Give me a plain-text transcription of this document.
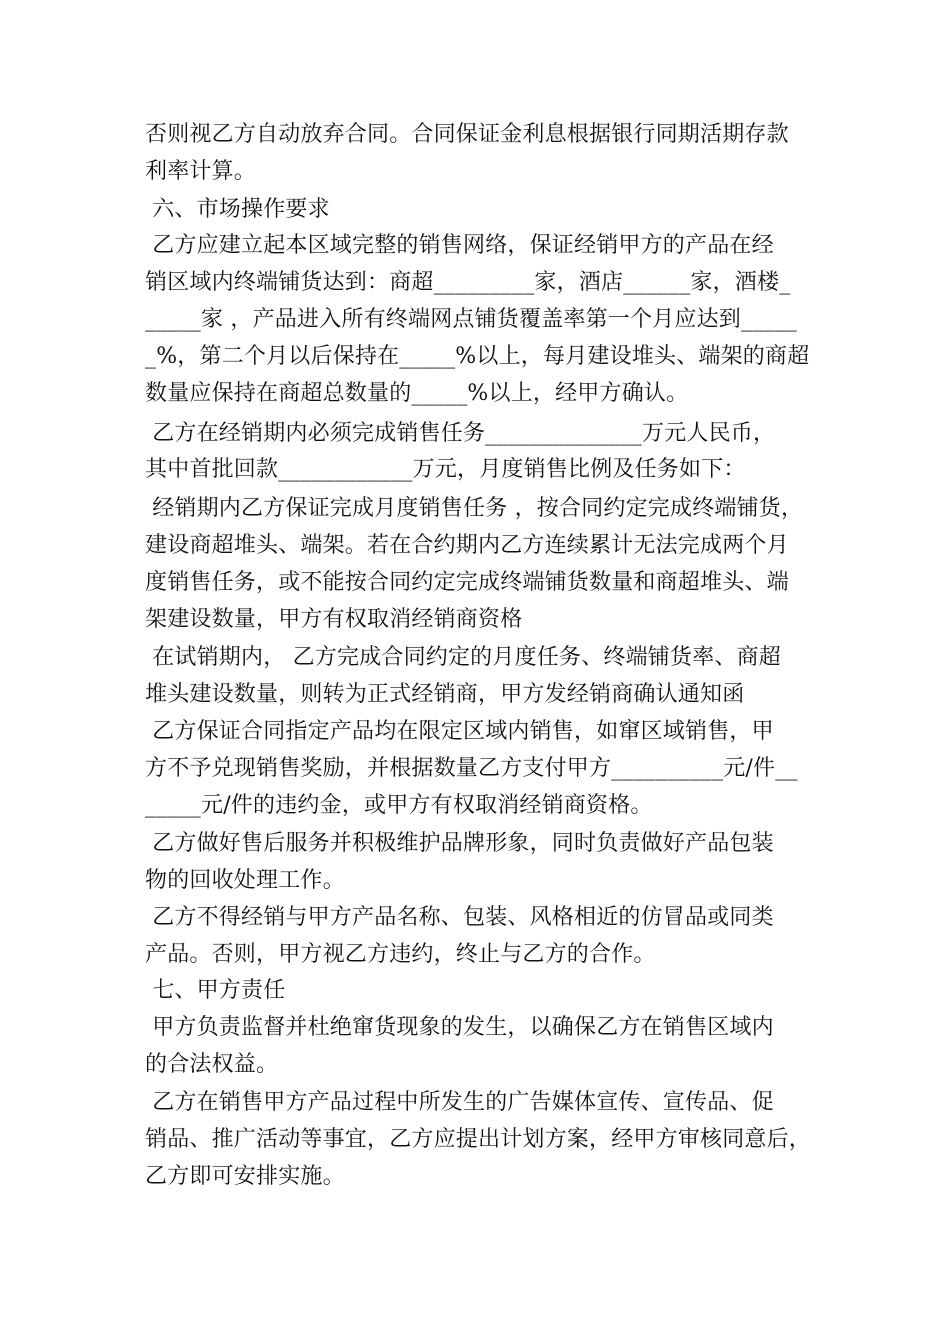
否则视乙方自动放弃合同。合同保证金利息根据银行同期活期存款
利率计算。
六、市场操作要求
乙方应建立起本区域完整的销售网络，保证经销甲方的产品在经
销区域内终端铺货达到：商超_________家，酒店______家，酒楼_
_____家 ，产品进入所有终端网点铺货覆盖率第一个月应达到_____
_%，第二个月以后保持在_____%以上，每月建设堆头、端架的商超
数量应保持在商超总数量的_____%以上，经甲方确认。
乙方在经销期内必须完成销售任务______________万元人民币，
其中首批回款____________万元，月度销售比例及任务如下：
经销期内乙方保证完成月度销售任务 ，按合同约定完成终端铺货，
建设商超堆头、端架。若在合约期内乙方连续累计无法完成两个月
度销售任务，或不能按合同约定完成终端铺货数量和商超堆头、端
架建设数量，甲方有权取消经销商资格
在试销期内， 乙方完成合同约定的月度任务、终端铺货率、商超
堆头建设数量，则转为正式经销商，甲方发经销商确认通知函
乙方保证合同指定产品均在限定区域内销售，如窜区域销售，甲
方不予兑现销售奖励，并根据数量乙方支付甲方__________元/件__
_____元/件的违约金，或甲方有权取消经销商资格。
乙方做好售后服务并积极维护品牌形象，同时负责做好产品包装
物的回收处理工作。
乙方不得经销与甲方产品名称、包装、风格相近的仿冒品或同类
产品。否则，甲方视乙方违约，终止与乙方的合作。
七、甲方责任
甲方负责监督并杜绝窜货现象的发生，以确保乙方在销售区域内
的合法权益。
乙方在销售甲方产品过程中所发生的广告媒体宣传、宣传品、促
销品、推广活动等事宜，乙方应提出计划方案，经甲方审核同意后，
乙方即可安排实施。
